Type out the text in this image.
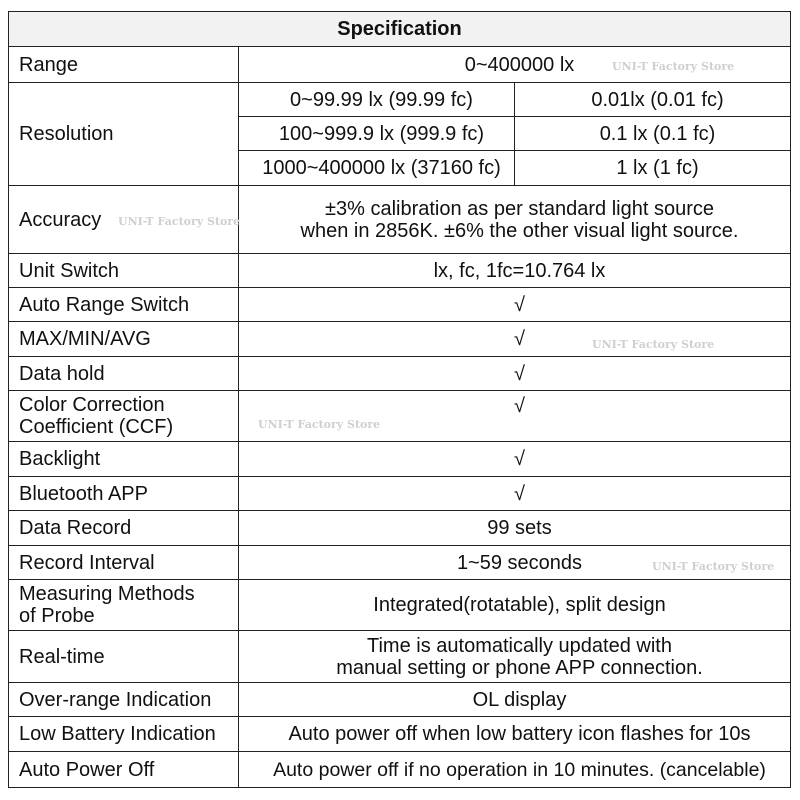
Specification		
Range	0~400000 lx	
Resolution	0~99.99 lx (99.99 fc)	0.01lx (0.01 fc)
	100~999.9 lx (999.9 fc)	0.1 lx (0.1 fc)
	1000~400000 lx (37160 fc)	1 lx (1 fc)
Accuracy	±3% calibration as per standard light source
when in 2856K. ±6% the other visual light source.	

Unit Switch	lx, fc, 1fc=10.764 lx	
Auto Range Switch	√	
MAX/MIN/AVG	√	
Data hold	√	

Color Correction
Coefficient (CCF)	√	
Backlight	√	
Bluetooth APP	√	
Data Record	99 sets	
Record Interval	1~59 seconds	

Measuring Methods
of Probe	Integrated(rotatable), split design	
Real-time	Time is automatically updated with
manual setting or phone APP connection.	

Over-range Indication	OL display	
Low Battery Indication	Auto power off when low battery icon flashes for 10s	
Auto Power Off	Auto power off if no operation in 10 minutes. (cancelable)	
UNI-T Factory Store
UNI-T Factory Store
UNI-T Factory Store
UNI-T Factory Store
UNI-T Factory Store
